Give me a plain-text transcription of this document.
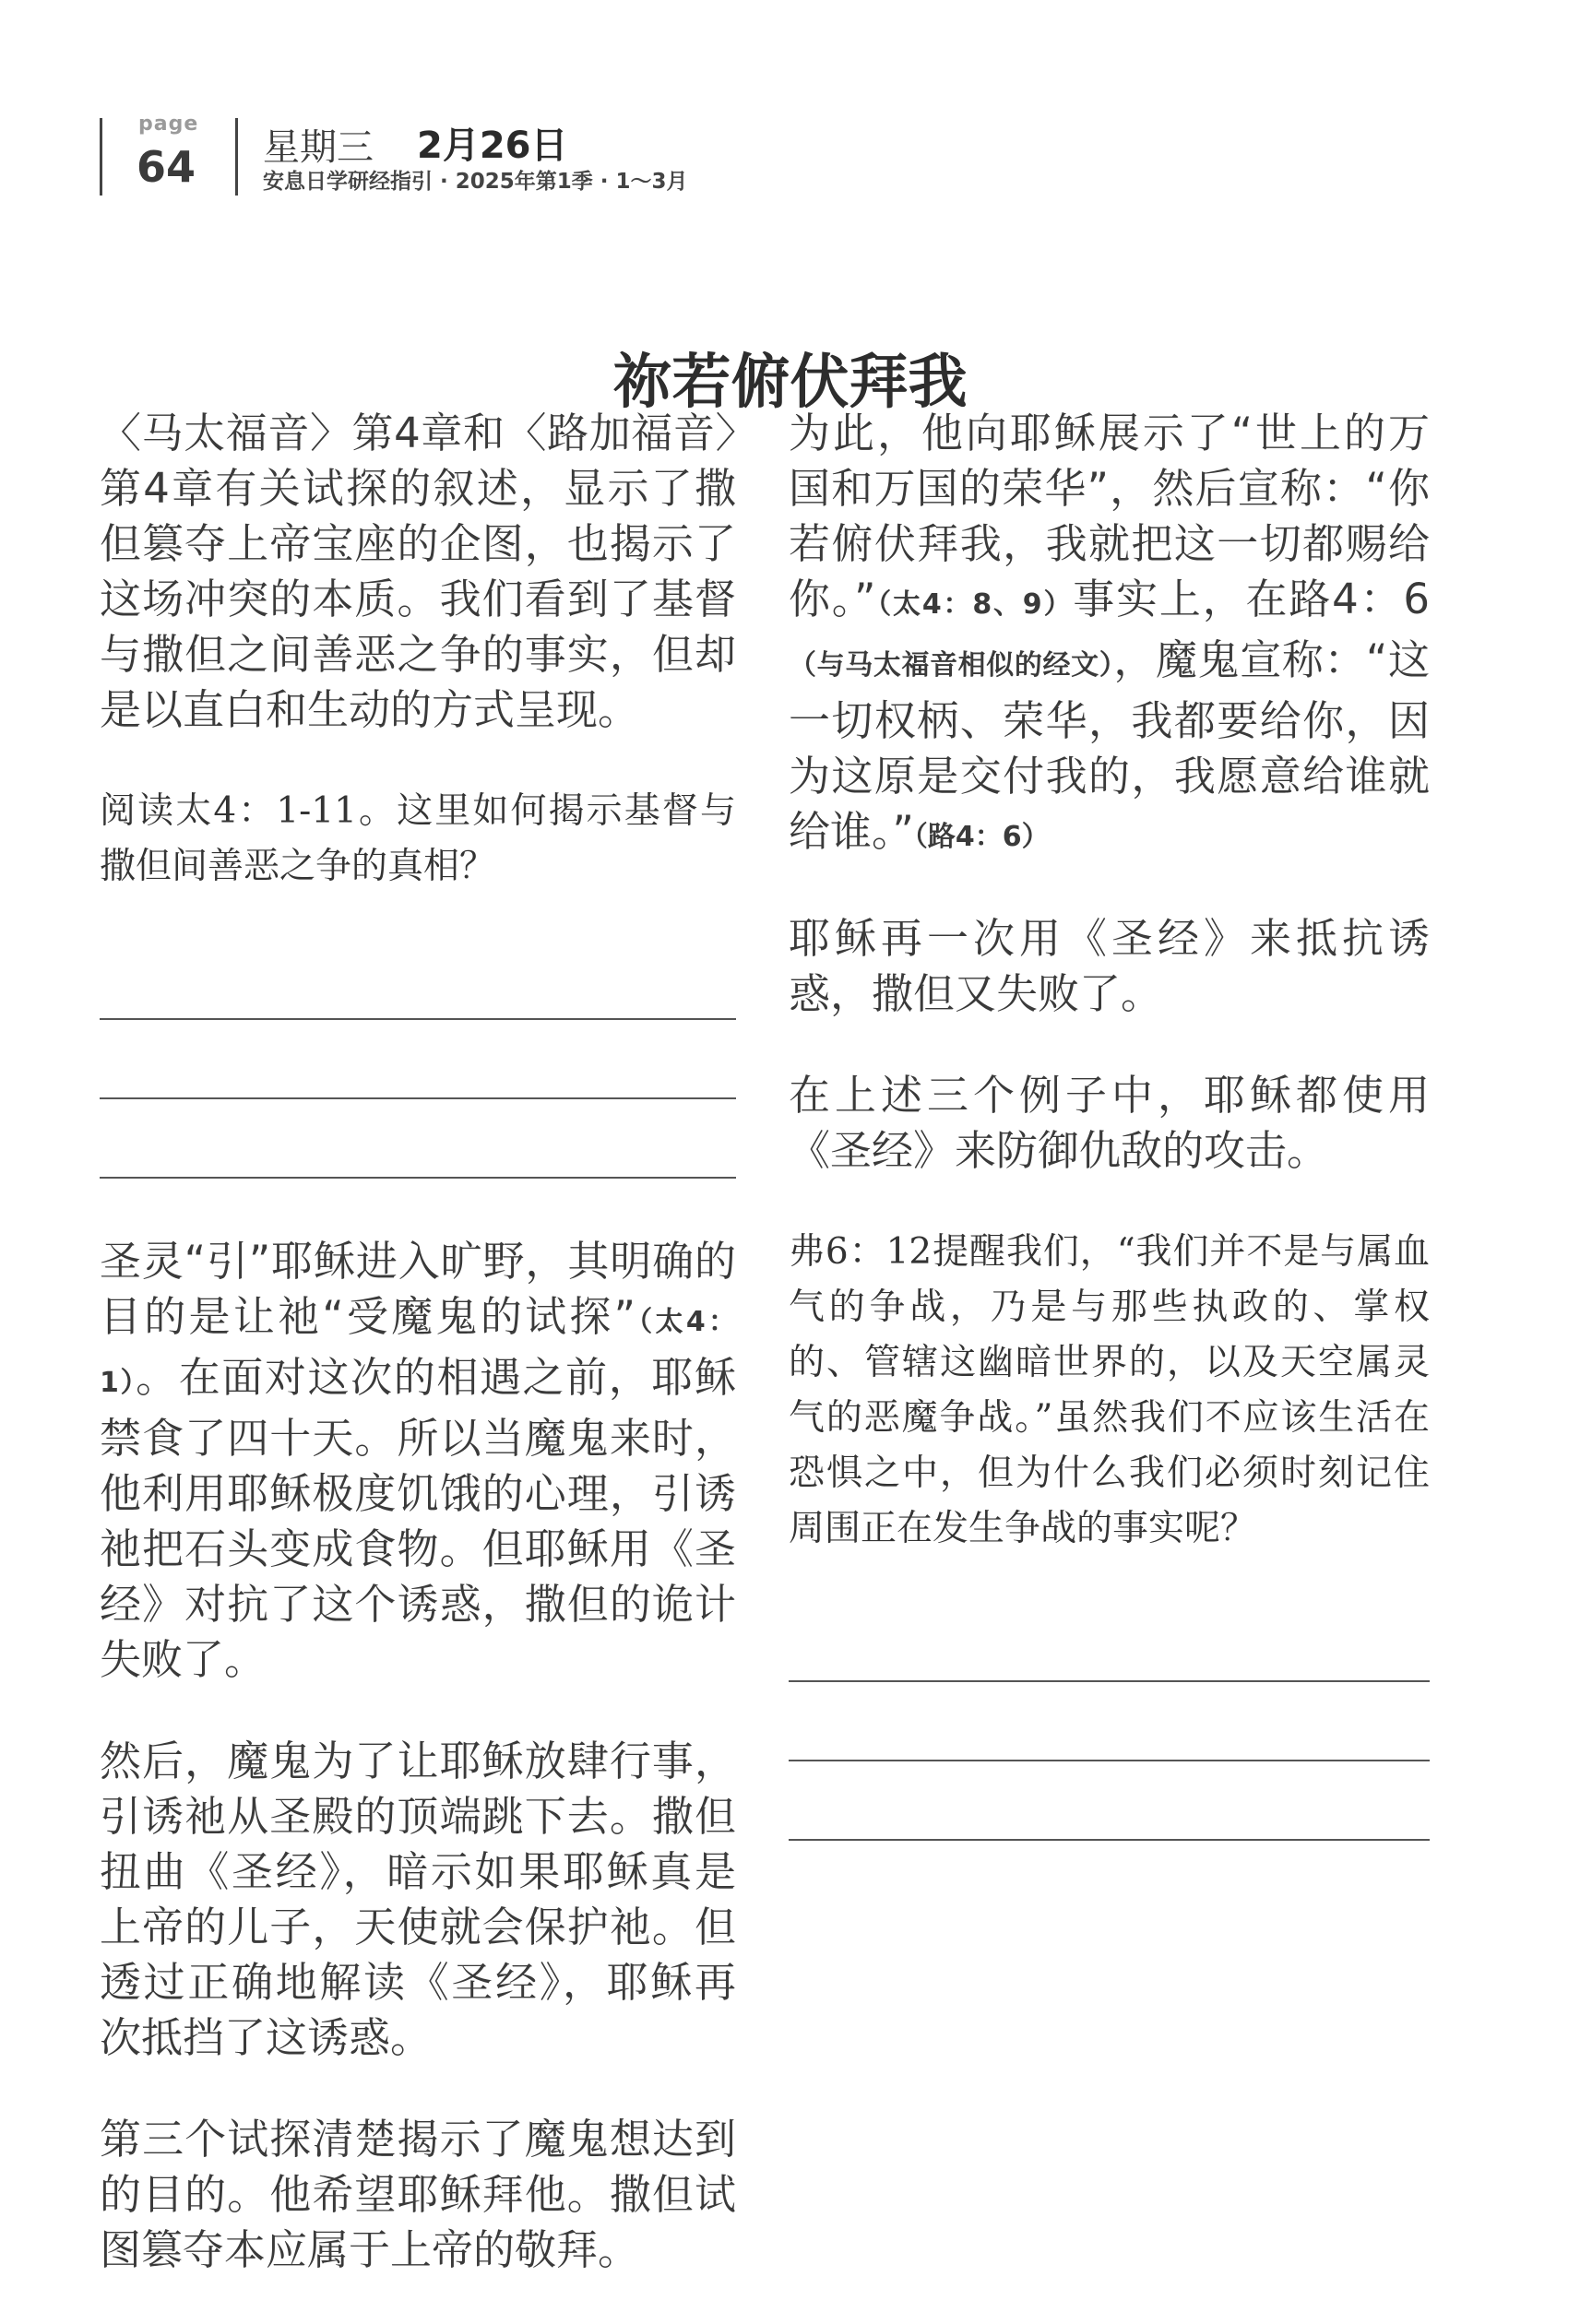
page
64 星期三 2月26日
安息日学研经指引 · 2025年第1季 · 1～3月
祢若俯伏拜我

〈马太福音〉第4章和〈路加福音〉第4章有关试探的叙述，显示了撒但篡夺上帝宝座的企图，也揭示了这场冲突的本质。我们看到了基督与撒但之间善恶之争的事实，但却是以直白和生动的方式呈现。

阅读太4：1-11。这里如何揭示基督与撒但间善恶之争的真相？

圣灵“引”耶稣进入旷野，其明确的目的是让祂“受魔鬼的试探”（太4：1）。在面对这次的相遇之前，耶稣禁食了四十天。所以当魔鬼来时，他利用耶稣极度饥饿的心理，引诱祂把石头变成食物。但耶稣用《圣经》对抗了这个诱惑，撒但的诡计失败了。

然后，魔鬼为了让耶稣放肆行事，引诱祂从圣殿的顶端跳下去。撒但扭曲《圣经》，暗示如果耶稣真是上帝的儿子，天使就会保护祂。但透过正确地解读《圣经》，耶稣再次抵挡了这诱惑。

第三个试探清楚揭示了魔鬼想达到的目的。他希望耶稣拜他。撒但试图篡夺本应属于上帝的敬拜。

为此，他向耶稣展示了“世上的万国和万国的荣华”，然后宣称：“你若俯伏拜我，我就把这一切都赐给你。”（太4：8、9）事实上，在路4：6（与马太福音相似的经文），魔鬼宣称：“这一切权柄、荣华，我都要给你，因为这原是交付我的，我愿意给谁就给谁。”（路4：6）

耶稣再一次用《圣经》来抵抗诱惑，撒但又失败了。

在上述三个例子中，耶稣都使用《圣经》来防御仇敌的攻击。

弗6：12提醒我们，“我们并不是与属血气的争战，乃是与那些执政的、掌权的、管辖这幽暗世界的，以及天空属灵气的恶魔争战。”虽然我们不应该生活在恐惧之中，但为什么我们必须时刻记住周围正在发生争战的事实呢？
